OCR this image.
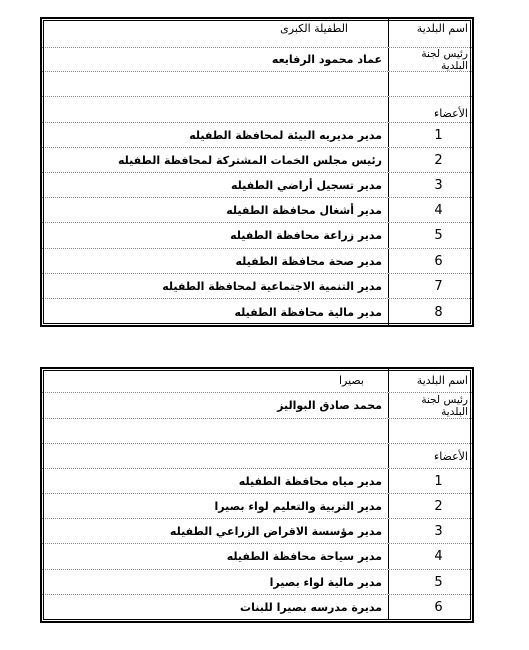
اسم البلدية
الطفيلة الكبرى
رئيس لجنة البلدية
عماد محمود الرفايعه
الأعضاء
1
مدير مديريه البيئة لمحافظة الطفيله
2
رئيس مجلس الخمات المشتركة لمحافظة الطفيله
3
مدير تسجيل أراضي الطفيله
4
مدير أشغال محافظة الطفيله
5
مدير زراعة محافظة الطفيله
6
مدير صحة محافظة الطفيله
7
مدير التنمية الاجتماعية لمحافظة الطفيله
8
مدير مالية محافظة الطفيله
اسم البلدية
بصيرا
رئيس لجنة البلدية
محمد صادق البواليز
الأعضاء
1
مدير مياه محافظة الطفيله
2
مدير التربية والتعليم لواء بصيرا
3
مدير مؤسسة الاقراض الزراعي الطفيله
4
مدير سياحة محافظة الطفيله
5
مدير مالية لواء بصيرا
6
مديرة مدرسه بصيرا للبنات
